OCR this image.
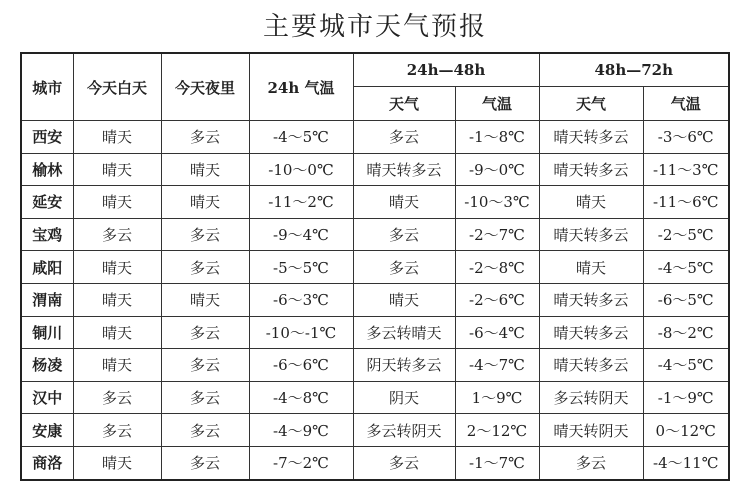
主要城市天气预报
城市	今天白天	今天夜里	24h 气温	24h—48h		48h—72h	
				天气	气温	天气	气温
西安	晴天	多云	-4～5℃	多云	-1～8℃	晴天转多云	-3～6℃
榆林	晴天	晴天	-10～0℃	晴天转多云	-9～0℃	晴天转多云	-11～3℃
延安	晴天	晴天	-11～2℃	晴天	-10～3℃	晴天	-11～6℃
宝鸡	多云	多云	-9～4℃	多云	-2～7℃	晴天转多云	-2～5℃
咸阳	晴天	多云	-5～5℃	多云	-2～8℃	晴天	-4～5℃
渭南	晴天	晴天	-6～3℃	晴天	-2～6℃	晴天转多云	-6～5℃
铜川	晴天	多云	-10～-1℃	多云转晴天	-6～4℃	晴天转多云	-8～2℃
杨凌	晴天	多云	-6～6℃	阴天转多云	-4～7℃	晴天转多云	-4～5℃
汉中	多云	多云	-4～8℃	阴天	1～9℃	多云转阴天	-1～9℃
安康	多云	多云	-4～9℃	多云转阴天	2～12℃	晴天转阴天	0～12℃
商洛	晴天	多云	-7～2℃	多云	-1～7℃	多云	-4～11℃
